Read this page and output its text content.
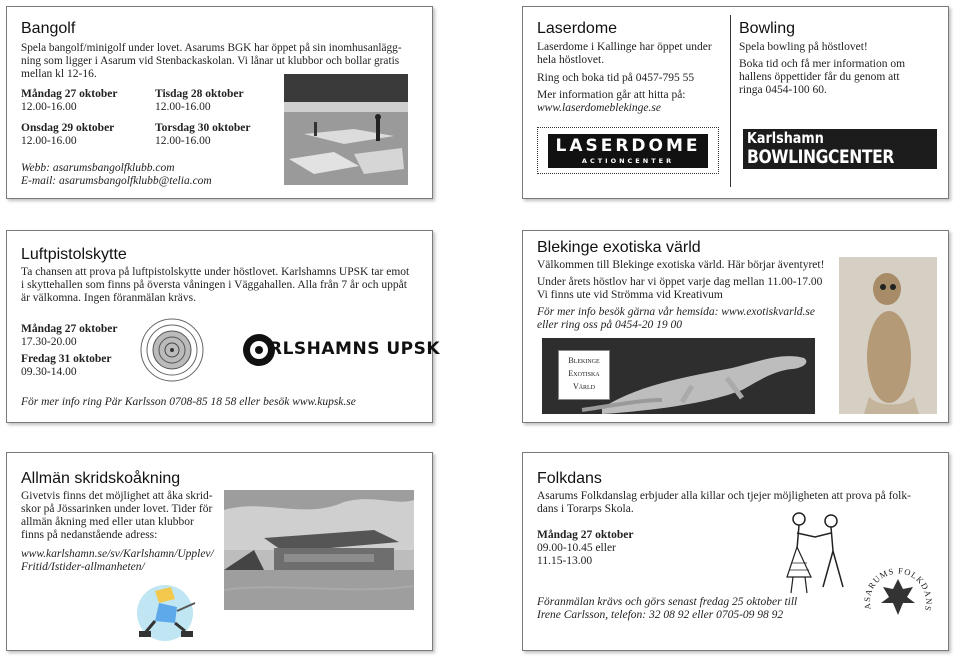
Bangolf
Spela bangolf/minigolf under lovet. Asarums BGK har öppet på sin inomhusanlägg-
ning som ligger i Asarum vid Stenbackaskolan. Vi lånar ut klubbor och bollar gratis
mellan kl 12-16.
Måndag 27 oktober
12.00-16.00
Tisdag 28 oktober
12.00-16.00
Onsdag 29 oktober
12.00-16.00
Torsdag 30 oktober
12.00-16.00
Webb: asarumsbangolfklubb.com
E-mail: asarumsbangolfklubb@telia.com
Laserdome
Laserdome i Kallinge har öppet under
hela höstlovet.
Ring och boka tid på 0457-795 55
Mer information går att hitta på:
www.laserdomeblekinge.se
LASERDOME
ACTIONCENTER
Bowling
Spela bowling på höstlovet!
Boka tid och få mer information om
hallens öppettider får du genom att
ringa 0454-100 60.
Karlshamn
BOWLINGCENTER
Luftpistolskytte
Ta chansen att prova på luftpistolskytte under höstlovet. Karlshamns UPSK tar emot
i skyttehallen som finns på översta våningen i Väggahallen. Alla från 7 år och uppåt
är välkomna. Ingen föranmälan krävs.
Måndag 27 oktober
17.30-20.00
Fredag 31 oktober
09.30-14.00
RLSHAMNS UPSK
För mer info ring Pär Karlsson 0708-85 18 58 eller besök www.kupsk.se
Blekinge exotiska värld
Välkommen till Blekinge exotiska värld. Här börjar äventyret!
Under årets höstlov har vi öppet varje dag mellan 11.00-17.00
Vi finns ute vid Strömma vid Kreativum
För mer info besök gärna vår hemsida: www.exotiskvarld.se
eller ring oss på 0454-20 19 00
Blekinge
Exotiska
Värld
Allmän skridskoåkning
Givetvis finns det möjlighet att åka skrid-
skor på Jössarinken under lovet. Tider för
allmän åkning med eller utan klubbor
finns på nedanstående adress:
www.karlshamn.se/sv/Karlshamn/Upplev/
Fritid/Istider-allmanheten/
Folkdans
Asarums Folkdanslag erbjuder alla killar och tjejer möjligheten att prova på folk-
dans i Torarps Skola.
Måndag 27 oktober
09.00-10.45 eller
11.15-13.00
Föranmälan krävs och görs senast fredag 25 oktober till
Irene Carlsson, telefon: 32 08 92 eller 0705-09 98 92
ASARUMS FOLKDANS
